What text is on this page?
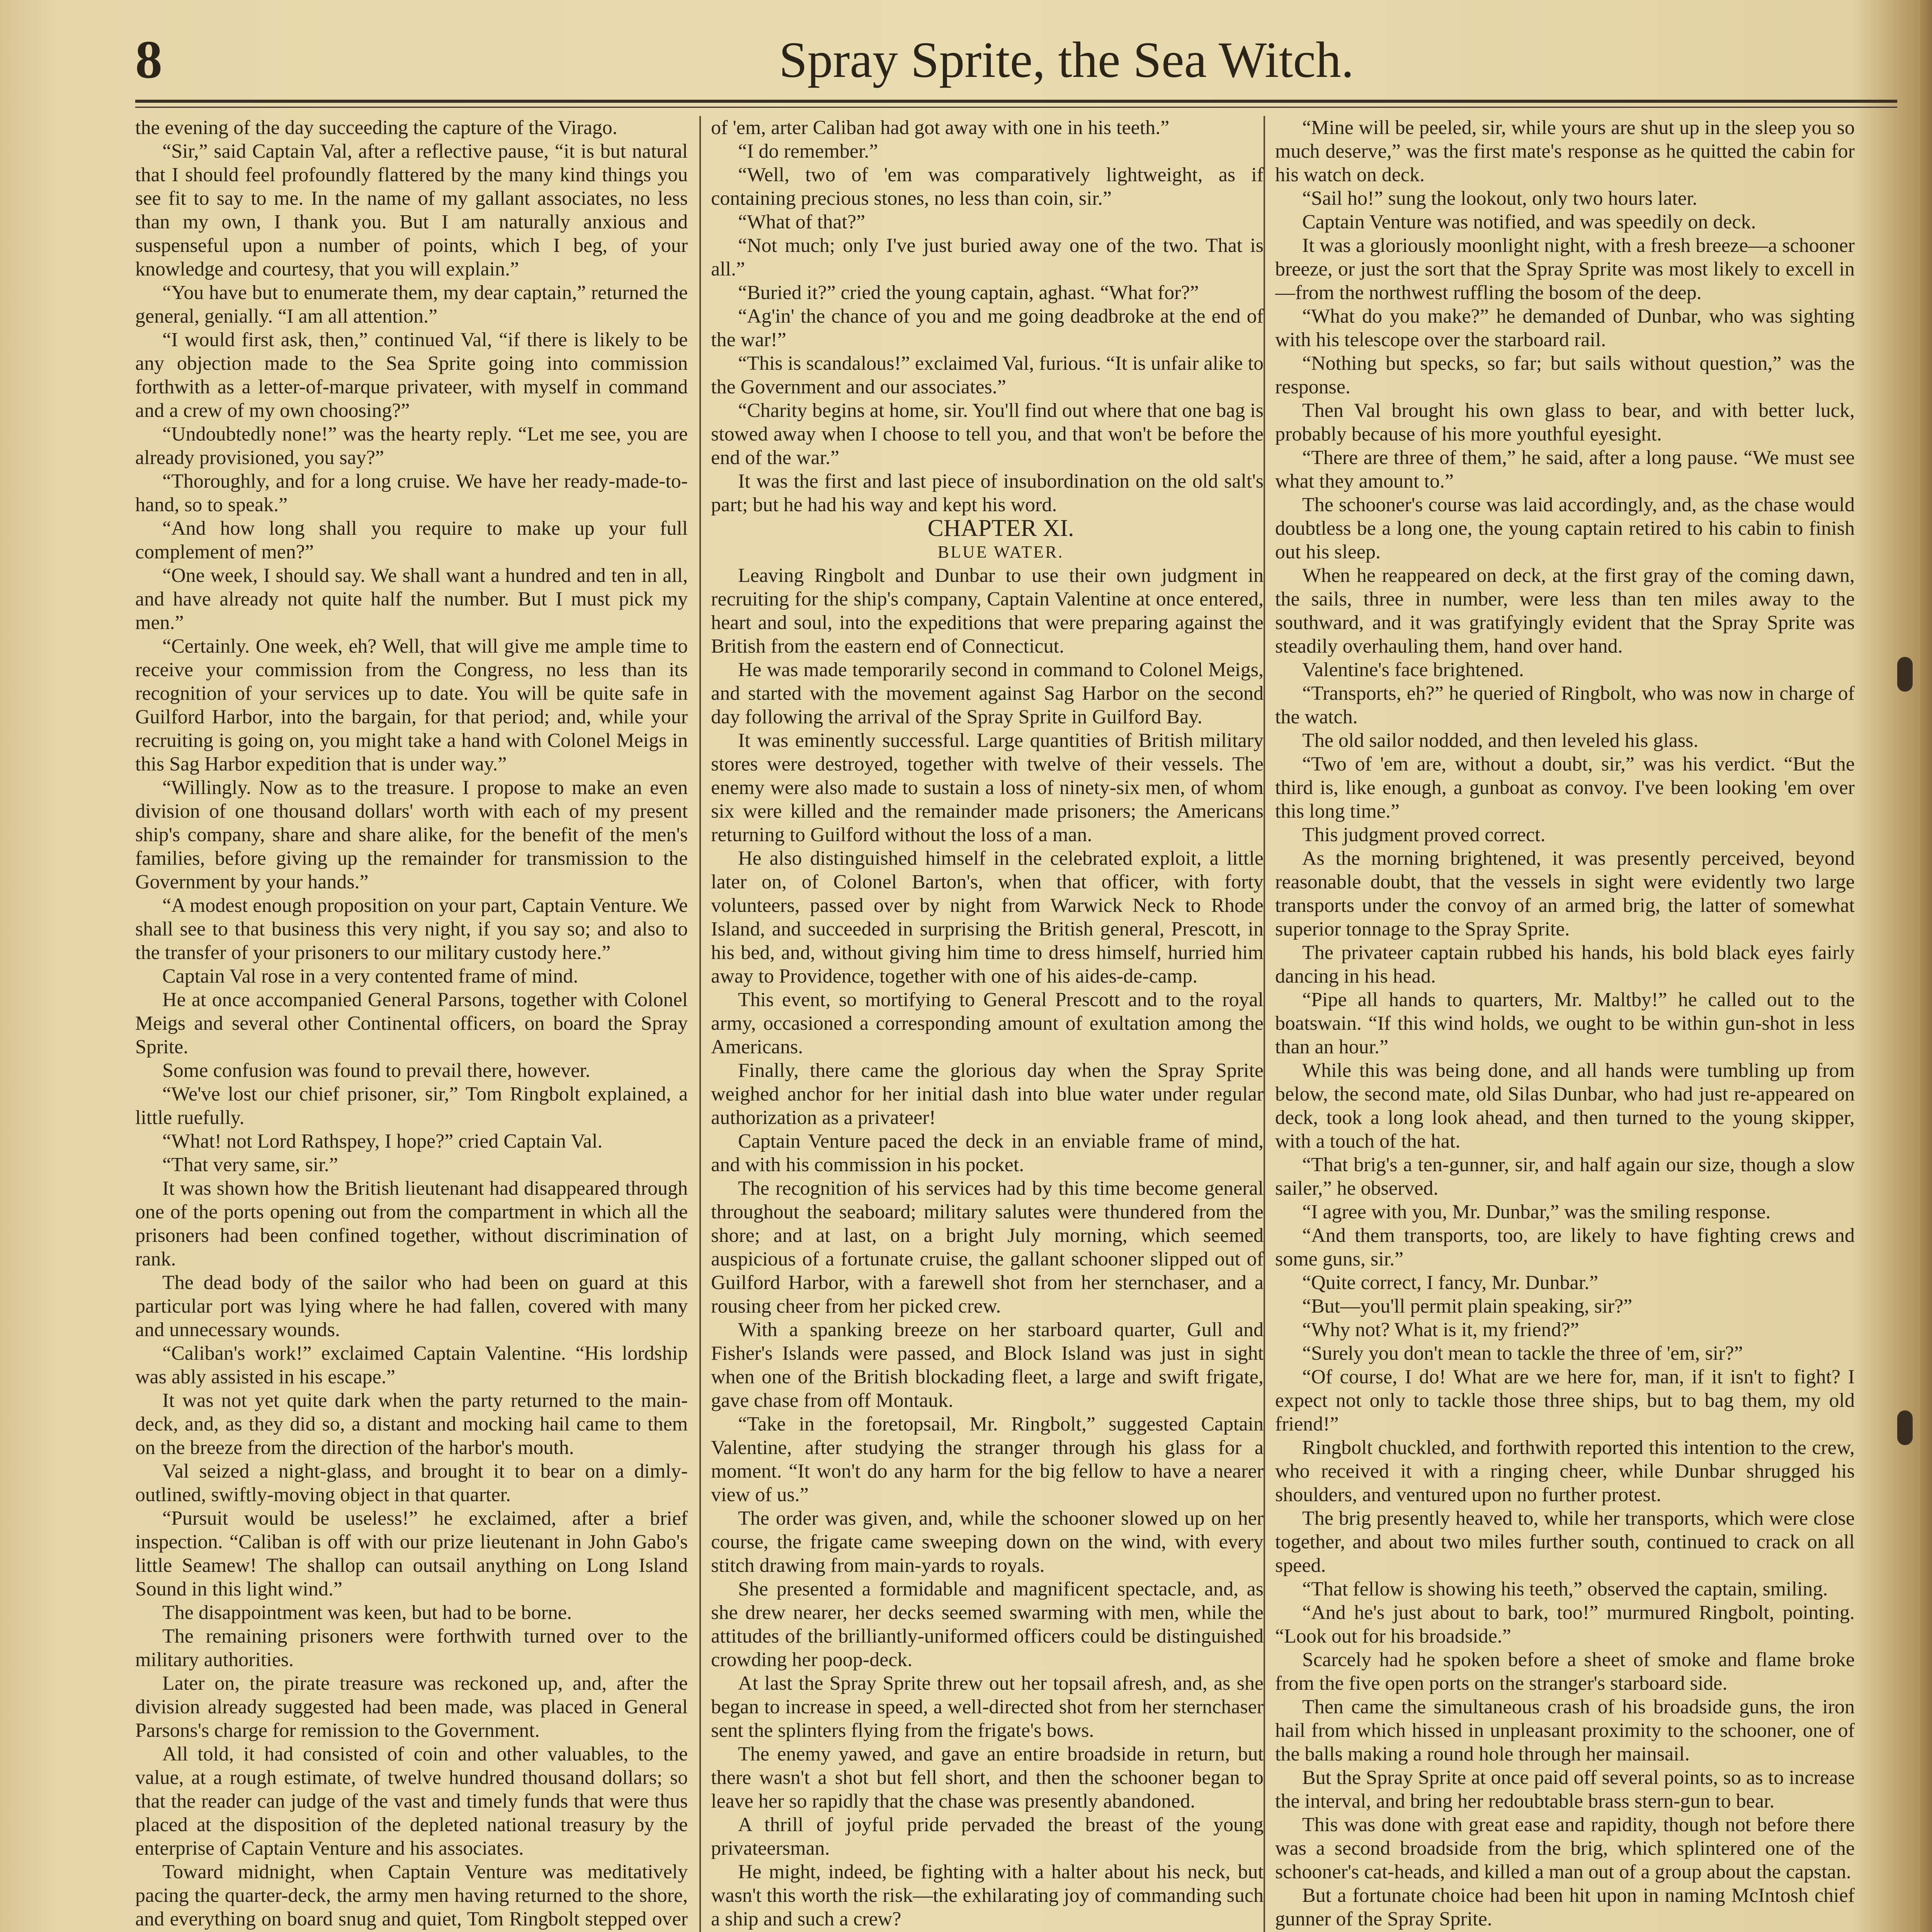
8	Spray Sprite, the Sea Witch.

the evening of the day succeeding the capture of the Virago.

“Sir,” said Captain Val, after a reflective pause, “it is but natural that I should feel profoundly flattered by the many kind things you see fit to say to me. In the name of my gallant associates, no less than my own, I thank you. But I am naturally anxious and suspenseful upon a number of points, which I beg, of your knowledge and courtesy, that you will explain.”

“You have but to enumerate them, my dear captain,” returned the general, genially. “I am all attention.”

“I would first ask, then,” continued Val, “if there is likely to be any objection made to the Sea Sprite going into commission forthwith as a letter-of-marque privateer, with myself in command and a crew of my own choosing?”

“Undoubtedly none!” was the hearty reply. “Let me see, you are already provisioned, you say?”

“Thoroughly, and for a long cruise. We have her ready-made-to-hand, so to speak.”

“And how long shall you require to make up your full complement of men?”

“One week, I should say. We shall want a hundred and ten in all, and have already not quite half the number. But I must pick my men.”

“Certainly. One week, eh? Well, that will give me ample time to receive your commission from the Congress, no less than its recognition of your services up to date. You will be quite safe in Guilford Harbor, into the bargain, for that period; and, while your recruiting is going on, you might take a hand with Colonel Meigs in this Sag Harbor expedition that is under way.”

“Willingly. Now as to the treasure. I propose to make an even division of one thousand dollars' worth with each of my present ship's company, share and share alike, for the benefit of the men's families, before giving up the remainder for transmission to the Government by your hands.”

“A modest enough proposition on your part, Captain Venture. We shall see to that business this very night, if you say so; and also to the transfer of your prisoners to our military custody here.”

Captain Val rose in a very contented frame of mind.

He at once accompanied General Parsons, together with Colonel Meigs and several other Continental officers, on board the Spray Sprite.

Some confusion was found to prevail there, however.

“We've lost our chief prisoner, sir,” Tom Ringbolt explained, a little ruefully.

“What! not Lord Rathspey, I hope?” cried Captain Val.

“That very same, sir.”

It was shown how the British lieutenant had disappeared through one of the ports opening out from the compartment in which all the prisoners had been confined together, without discrimination of rank.

The dead body of the sailor who had been on guard at this particular port was lying where he had fallen, covered with many and unnecessary wounds.

“Caliban's work!” exclaimed Captain Valentine. “His lordship was ably assisted in his escape.”

It was not yet quite dark when the party returned to the main-deck, and, as they did so, a distant and mocking hail came to them on the breeze from the direction of the harbor's mouth.

Val seized a night-glass, and brought it to bear on a dimly-outlined, swiftly-moving object in that quarter.

“Pursuit would be useless!” he exclaimed, after a brief inspection. “Caliban is off with our prize lieutenant in John Gabo's little Seamew! The shallop can outsail anything on Long Island Sound in this light wind.”

The disappointment was keen, but had to be borne.

The remaining prisoners were forthwith turned over to the military authorities.

Later on, the pirate treasure was reckoned up, and, after the division already suggested had been made, was placed in General Parsons's charge for remission to the Government.

All told, it had consisted of coin and other valuables, to the value, at a rough estimate, of twelve hundred thousand dollars; so that the reader can judge of the vast and timely funds that were thus placed at the disposition of the depleted national treasury by the enterprise of Captain Venture and his associates.

Toward midnight, when Captain Venture was meditatively pacing the quarter-deck, the army men having returned to the shore, and everything on board snug and quiet, Tom Ringbolt stepped over

of 'em, arter Caliban had got away with one in his teeth.”

“I do remember.”

“Well, two of 'em was comparatively lightweight, as if containing precious stones, no less than coin, sir.”

“What of that?”

“Not much; only I've just buried away one of the two. That is all.”

“Buried it?” cried the young captain, aghast. “What for?”

“Ag'in' the chance of you and me going deadbroke at the end of the war!”

“This is scandalous!” exclaimed Val, furious. “It is unfair alike to the Government and our associates.”

“Charity begins at home, sir. You'll find out where that one bag is stowed away when I choose to tell you, and that won't be before the end of the war.”

It was the first and last piece of insubordination on the old salt's part; but he had his way and kept his word.

CHAPTER XI.

BLUE WATER.

Leaving Ringbolt and Dunbar to use their own judgment in recruiting for the ship's company, Captain Valentine at once entered, heart and soul, into the expeditions that were preparing against the British from the eastern end of Connecticut.

He was made temporarily second in command to Colonel Meigs, and started with the movement against Sag Harbor on the second day following the arrival of the Spray Sprite in Guilford Bay.

It was eminently successful. Large quantities of British military stores were destroyed, together with twelve of their vessels. The enemy were also made to sustain a loss of ninety-six men, of whom six were killed and the remainder made prisoners; the Americans returning to Guilford without the loss of a man.

He also distinguished himself in the celebrated exploit, a little later on, of Colonel Barton's, when that officer, with forty volunteers, passed over by night from Warwick Neck to Rhode Island, and succeeded in surprising the British general, Prescott, in his bed, and, without giving him time to dress himself, hurried him away to Providence, together with one of his aides-de-camp.

This event, so mortifying to General Prescott and to the royal army, occasioned a corresponding amount of exultation among the Americans.

Finally, there came the glorious day when the Spray Sprite weighed anchor for her initial dash into blue water under regular authorization as a privateer!

Captain Venture paced the deck in an enviable frame of mind, and with his commission in his pocket.

The recognition of his services had by this time become general throughout the seaboard; military salutes were thundered from the shore; and at last, on a bright July morning, which seemed auspicious of a fortunate cruise, the gallant schooner slipped out of Guilford Harbor, with a farewell shot from her sternchaser, and a rousing cheer from her picked crew.

With a spanking breeze on her starboard quarter, Gull and Fisher's Islands were passed, and Block Island was just in sight when one of the British blockading fleet, a large and swift frigate, gave chase from off Montauk.

“Take in the foretopsail, Mr. Ringbolt,” suggested Captain Valentine, after studying the stranger through his glass for a moment. “It won't do any harm for the big fellow to have a nearer view of us.”

The order was given, and, while the schooner slowed up on her course, the frigate came sweeping down on the wind, with every stitch drawing from main-yards to royals.

She presented a formidable and magnificent spectacle, and, as she drew nearer, her decks seemed swarming with men, while the attitudes of the brilliantly-uniformed officers could be distinguished crowding her poop-deck.

At last the Spray Sprite threw out her topsail afresh, and, as she began to increase in speed, a well-directed shot from her sternchaser sent the splinters flying from the frigate's bows.

The enemy yawed, and gave an entire broadside in return, but there wasn't a shot but fell short, and then the schooner began to leave her so rapidly that the chase was presently abandoned.

A thrill of joyful pride pervaded the breast of the young privateersman.

He might, indeed, be fighting with a halter about his neck, but wasn't this worth the risk—the exhilarating joy of commanding such a ship and such a crew?

“Mine will be peeled, sir, while yours are shut up in the sleep you so much deserve,” was the first mate's response as he quitted the cabin for his watch on deck.

“Sail ho!” sung the lookout, only two hours later.

Captain Venture was notified, and was speedily on deck.

It was a gloriously moonlight night, with a fresh breeze—a schooner breeze, or just the sort that the Spray Sprite was most likely to excell in—from the northwest ruffling the bosom of the deep.

“What do you make?” he demanded of Dunbar, who was sighting with his telescope over the starboard rail.

“Nothing but specks, so far; but sails without question,” was the response.

Then Val brought his own glass to bear, and with better luck, probably because of his more youthful eyesight.

“There are three of them,” he said, after a long pause. “We must see what they amount to.”

The schooner's course was laid accordingly, and, as the chase would doubtless be a long one, the young captain retired to his cabin to finish out his sleep.

When he reappeared on deck, at the first gray of the coming dawn, the sails, three in number, were less than ten miles away to the southward, and it was gratifyingly evident that the Spray Sprite was steadily overhauling them, hand over hand.

Valentine's face brightened.

“Transports, eh?” he queried of Ringbolt, who was now in charge of the watch.

The old sailor nodded, and then leveled his glass.

“Two of 'em are, without a doubt, sir,” was his verdict. “But the third is, like enough, a gunboat as convoy. I've been looking 'em over this long time.”

This judgment proved correct.

As the morning brightened, it was presently perceived, beyond reasonable doubt, that the vessels in sight were evidently two large transports under the convoy of an armed brig, the latter of somewhat superior tonnage to the Spray Sprite.

The privateer captain rubbed his hands, his bold black eyes fairly dancing in his head.

“Pipe all hands to quarters, Mr. Maltby!” he called out to the boatswain. “If this wind holds, we ought to be within gun-shot in less than an hour.”

While this was being done, and all hands were tumbling up from below, the second mate, old Silas Dunbar, who had just re-appeared on deck, took a long look ahead, and then turned to the young skipper, with a touch of the hat.

“That brig's a ten-gunner, sir, and half again our size, though a slow sailer,” he observed.

“I agree with you, Mr. Dunbar,” was the smiling response.

“And them transports, too, are likely to have fighting crews and some guns, sir.”

“Quite correct, I fancy, Mr. Dunbar.”

“But—you'll permit plain speaking, sir?”

“Why not? What is it, my friend?”

“Surely you don't mean to tackle the three of 'em, sir?”

“Of course, I do! What are we here for, man, if it isn't to fight? I expect not only to tackle those three ships, but to bag them, my old friend!”

Ringbolt chuckled, and forthwith reported this intention to the crew, who received it with a ringing cheer, while Dunbar shrugged his shoulders, and ventured upon no further protest.

The brig presently heaved to, while her transports, which were close together, and about two miles further south, continued to crack on all speed.

“That fellow is showing his teeth,” observed the captain, smiling.

“And he's just about to bark, too!” murmured Ringbolt, pointing. “Look out for his broadside.”

Scarcely had he spoken before a sheet of smoke and flame broke from the five open ports on the stranger's starboard side.

Then came the simultaneous crash of his broadside guns, the iron hail from which hissed in unpleasant proximity to the schooner, one of the balls making a round hole through her mainsail.

But the Spray Sprite at once paid off several points, so as to increase the interval, and bring her redoubtable brass stern-gun to bear.

This was done with great ease and rapidity, though not before there was a second broadside from the brig, which splintered one of the schooner's cat-heads, and killed a man out of a group about the capstan.

But a fortunate choice had been hit upon in naming McIntosh chief gunner of the Spray Sprite.
